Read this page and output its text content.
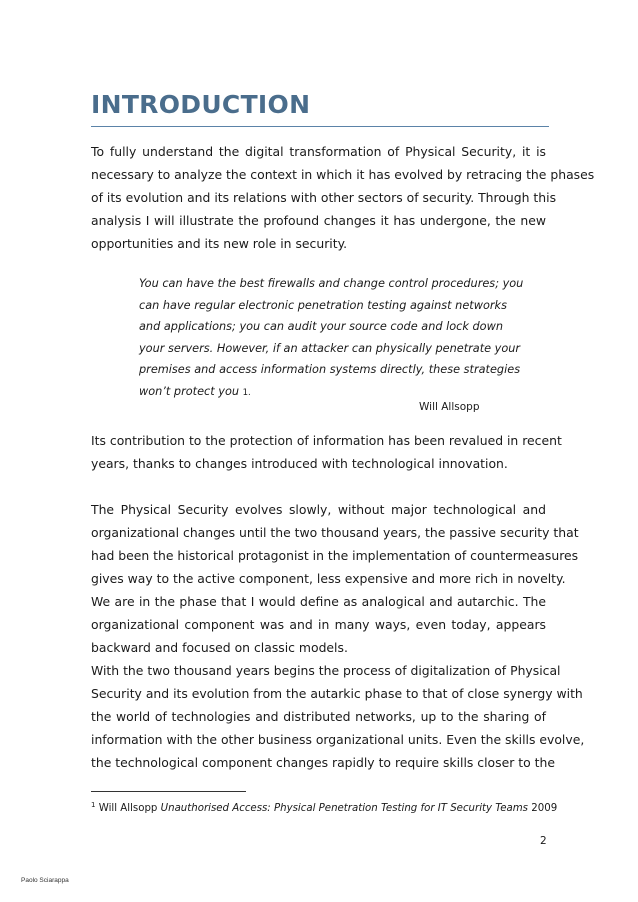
INTRODUCTION
To fully understand the digital transformation of Physical Security, it is
necessary to analyze the context in which it has evolved by retracing the phases
of its evolution and its relations with other sectors of security. Through this
analysis I will illustrate the profound changes it has undergone, the new
opportunities and its new role in security.
You can have the best firewalls and change control procedures; you
can have regular electronic penetration testing against networks
and applications; you can audit your source code and lock down
your servers. However, if an attacker can physically penetrate your
premises and access information systems directly, these strategies
won’t protect you 1.
Will Allsopp
Its contribution to the protection of information has been revalued in recent
years, thanks to changes introduced with technological innovation.
The Physical Security evolves slowly, without major technological and
organizational changes until the two thousand years, the passive security that
had been the historical protagonist in the implementation of countermeasures
gives way to the active component, less expensive and more rich in novelty.
We are in the phase that I would define as analogical and autarchic. The
organizational component was and in many ways, even today, appears
backward and focused on classic models.
With the two thousand years begins the process of digitalization of Physical
Security and its evolution from the autarkic phase to that of close synergy with
the world of technologies and distributed networks, up to the sharing of
information with the other business organizational units. Even the skills evolve,
the technological component changes rapidly to require skills closer to the
$^1$ Will Allsopp Unauthorised Access: Physical Penetration Testing for IT Security Teams 2009
2
Paolo Sciarappa
